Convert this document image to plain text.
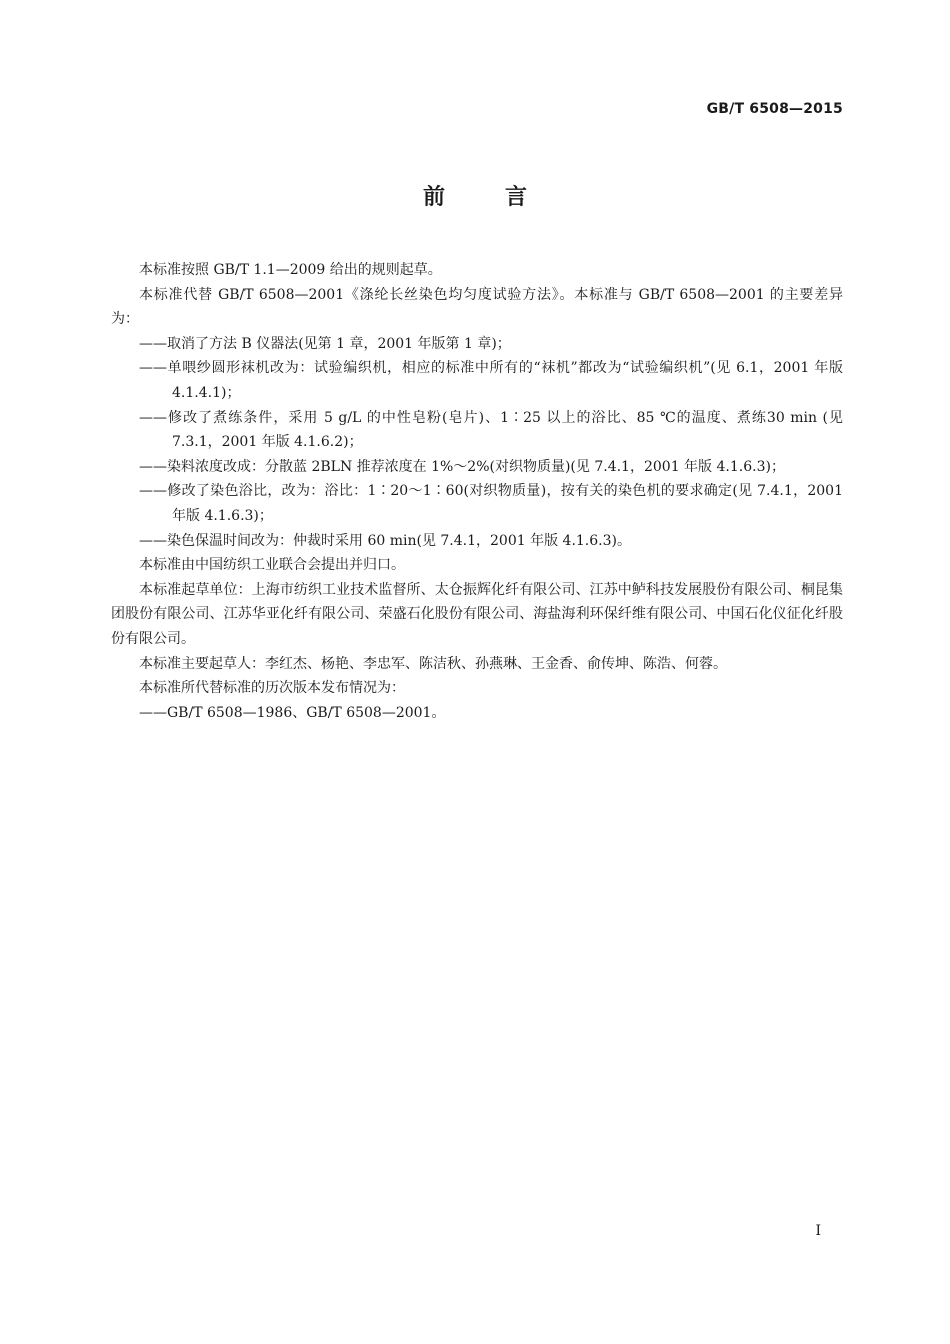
GB/T 6508—2015
前言

本标准按照 GB/T 1.1—2009 给出的规则起草。

本标准代替 GB/T 6508—2001《涤纶长丝染色均匀度试验方法》。本标准与 GB/T 6508—2001 的主要差异为：

——取消了方法 B 仪器法(见第 1 章，2001 年版第 1 章)；

——单喂纱圆形袜机改为：试验编织机，相应的标准中所有的“袜机”都改为“试验编织机”(见 6.1，2001 年版 4.1.4.1)；

——修改了煮练条件，采用 5 g/L 的中性皂粉(皂片)、1∶25 以上的浴比、85 ℃的温度、煮练30 min (见 7.3.1，2001 年版 4.1.6.2)；

——染料浓度改成：分散蓝 2BLN 推荐浓度在 1%～2%(对织物质量)(见 7.4.1，2001 年版 4.1.6.3)；

——修改了染色浴比，改为：浴比：1∶20～1∶60(对织物质量)，按有关的染色机的要求确定(见 7.4.1，2001 年版 4.1.6.3)；

——染色保温时间改为：仲裁时采用 60 min(见 7.4.1，2001 年版 4.1.6.3)。

本标准由中国纺织工业联合会提出并归口。

本标准起草单位：上海市纺织工业技术监督所、太仓振辉化纤有限公司、江苏中鲈科技发展股份有限公司、桐昆集团股份有限公司、江苏华亚化纤有限公司、荣盛石化股份有限公司、海盐海利环保纤维有限公司、中国石化仪征化纤股份有限公司。

本标准主要起草人：李红杰、杨艳、李忠军、陈洁秋、孙燕琳、王金香、俞传坤、陈浩、何蓉。

本标准所代替标准的历次版本发布情况为：

——GB/T 6508—1986、GB/T 6508—2001。

I
